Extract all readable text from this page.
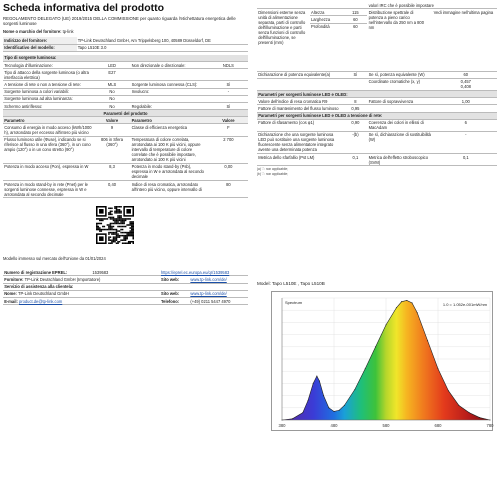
Scheda informativa del prodotto
REGOLAMENTO DELEGATO (UE) 2019/2015 DELLA COMMISSIONE per quanto riguarda l'etichettatura energetica delle sorgenti luminose
Nome o marchio del fornitore: tp-link
Indirizzo del fornitore:	TP-Link Deutschland GmbH, Am Trippelsberg 100, 40589 Düsseldorf, DE
Identificativo del modello:	Tapo L510E 3.0
Tipo di sorgente luminosa:			
Tecnologia d'illuminazione:	LED	Non direzionale o direzionale:	NDLS
Tipo di attacco della sorgente luminosa (o altra interfaccia elettrica)	E27		
A tensione di rete o non a tensione di rete:	MLS	Sorgente luminosa connessa (CLS):	Sì
Sorgente luminosa a colori variabili:	No	Involucro:	-
Sorgente luminosa ad alta luminanza:	No		
Schermo antiriflesso:	No	Regolabile:	Sì
Parametri del prodotto			
Parametro	Valore	Parametro	Valore
Consumo di energia in modo acceso (kWh/1000 h), arrotondato per eccesso all'intero più vicino	9	Classe di efficienza energetica	F
Flusso luminoso utile (Φuse), indicando se si riferisce al flusso in una sfera (360°), in un cono ampio (120°) o in un cono stretto (90°)	806 in Sfera (360°)	Temperatura di colore correlata, arrotondata ai 100 K più vicini, oppure intervallo di temperature di colore correlate che è possibile impostare, arrotondato ai 100 K più vicini	2 700
Potenza in modo acceso (Pon), espressa in W	8,3	Potenza in modo stand-by (Psb), espressa in W e arrotondata al secondo decimale	0,00
Potenza in modo stand-by in rete (Pnet) per le sorgenti luminose connesse, espressa in W e arrotondata al secondo decimale	0,40	Indice di resa cromatica, arrotondato all'intero più vicino, oppure intervallo di	80
Modello immesso sul mercato dell'Unione da 01/01/2024
Numero di registrazione EPREL:	1539583	https://eprel.ec.europa.eu/qr/1539583	
Fornitore: TP-Link Deutschland GmbH (Importatore)		Sito web:	www.tp-link.com/de/
Servizio di assistenza alla clientela:			
Nome: TP-Link Deutschland GmbH		Sito web:	www.tp-link.com/de/
E-mail: product.de@tp-link.com		Telefono:	(+49) 0211 5447 4970
			valori IRC che è possibile impostare	
Dimensioni esterne senza unità di alimentazione separata, parti di controllo dell'illuminazione e parti senza funzioni di controllo dell'illuminazione, se presenti (mm)	Altezza	115	Distribuzione spettrale di potenza a pieno carico nell'intervallo da 250 nm a 800 nm	Vedi immagine nell'ultima pagina
	Larghezza	60		
	Profondità	60		
Dichiarazione di potenza equivalente(a)	Sì	Se sì, potenza equivalente (W)	60
		Coordinate cromatiche (x, y)	0,457
0,408
Parametri per sorgenti luminose LED e OLED:			
Valore dell'indice di resa cromatica R9	8	Fattore di sopravvivenza	1,00
Fattore di mantenimento del flusso luminoso	0,95		
Parametri per sorgenti luminose LED e OLED a tensione di rete:			
Fattore di sfasamento (cos φ1)	0,90	Coerenza dei colori in ellissi di MacAdam	6
Dichiarazione che una sorgente luminosa LED può sostituire una sorgente luminosa fluorescente senza alimentatore integrato avente una determinata potenza	-(b)	Se sì, dichiarazione di sostituibilità (W)	-
Metrica dello sfarfallio (Pst LM)	0,1	Metrica dell'effetto stroboscopico (SVM)	0,1
(a) '-': non applicabile;
(b) '-': non applicabile;
Model: Tapo L510E , Tapo L510B
380	480	580	680	780
Spectrum	1.0 = 1.052e-001mW/nm
